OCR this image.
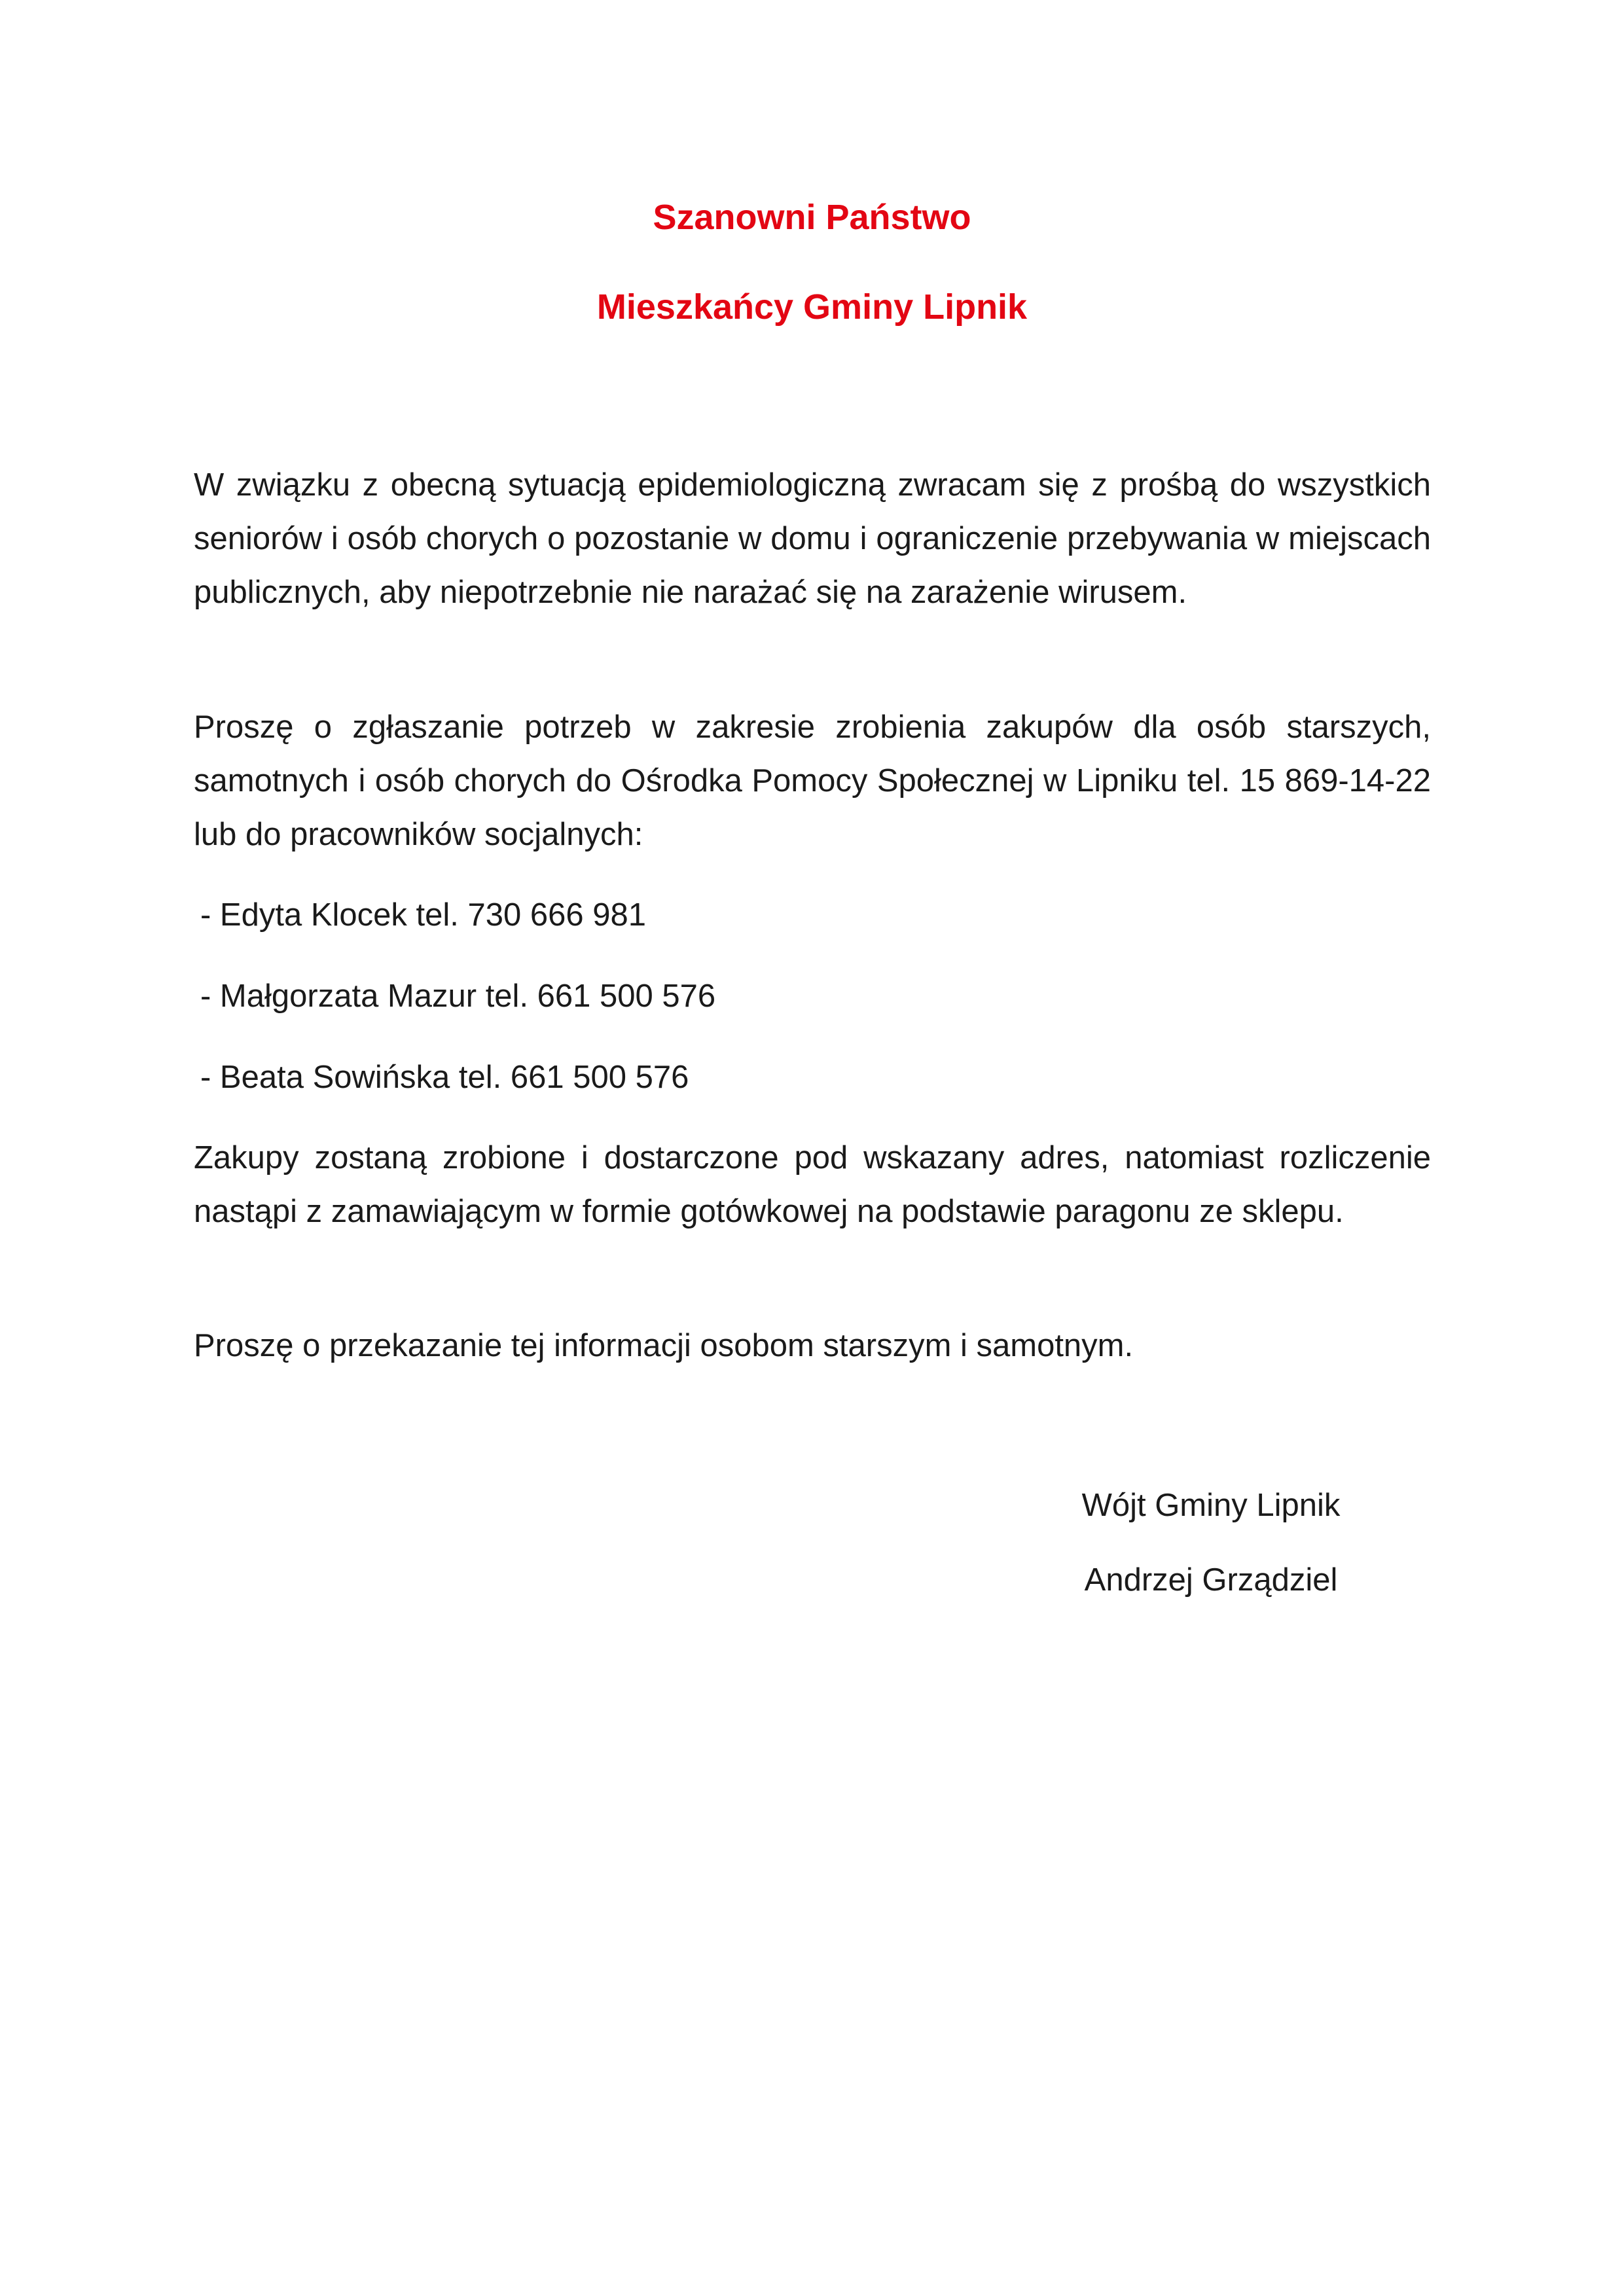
Szanowni Państwo
Mieszkańcy Gminy Lipnik

W związku z obecną sytuacją epidemiologiczną zwracam się z prośbą do wszystkich seniorów i osób chorych o pozostanie w domu i ograniczenie przebywania w miejscach publicznych, aby niepotrzebnie nie narażać się na zarażenie wirusem.

Proszę o zgłaszanie potrzeb w zakresie zrobienia zakupów dla osób starszych, samotnych i osób chorych do Ośrodka Pomocy Społecznej w Lipniku tel. 15 869-14-22 lub do pracowników socjalnych:

- Edyta Klocek tel. 730 666 981

- Małgorzata Mazur tel. 661 500 576

- Beata Sowińska tel. 661 500 576

Zakupy zostaną zrobione i dostarczone pod wskazany adres, natomiast rozliczenie nastąpi z zamawiającym w formie gotówkowej na podstawie paragonu ze sklepu.

Proszę o przekazanie tej informacji osobom starszym i samotnym.

Wójt Gminy Lipnik

Andrzej Grządziel
